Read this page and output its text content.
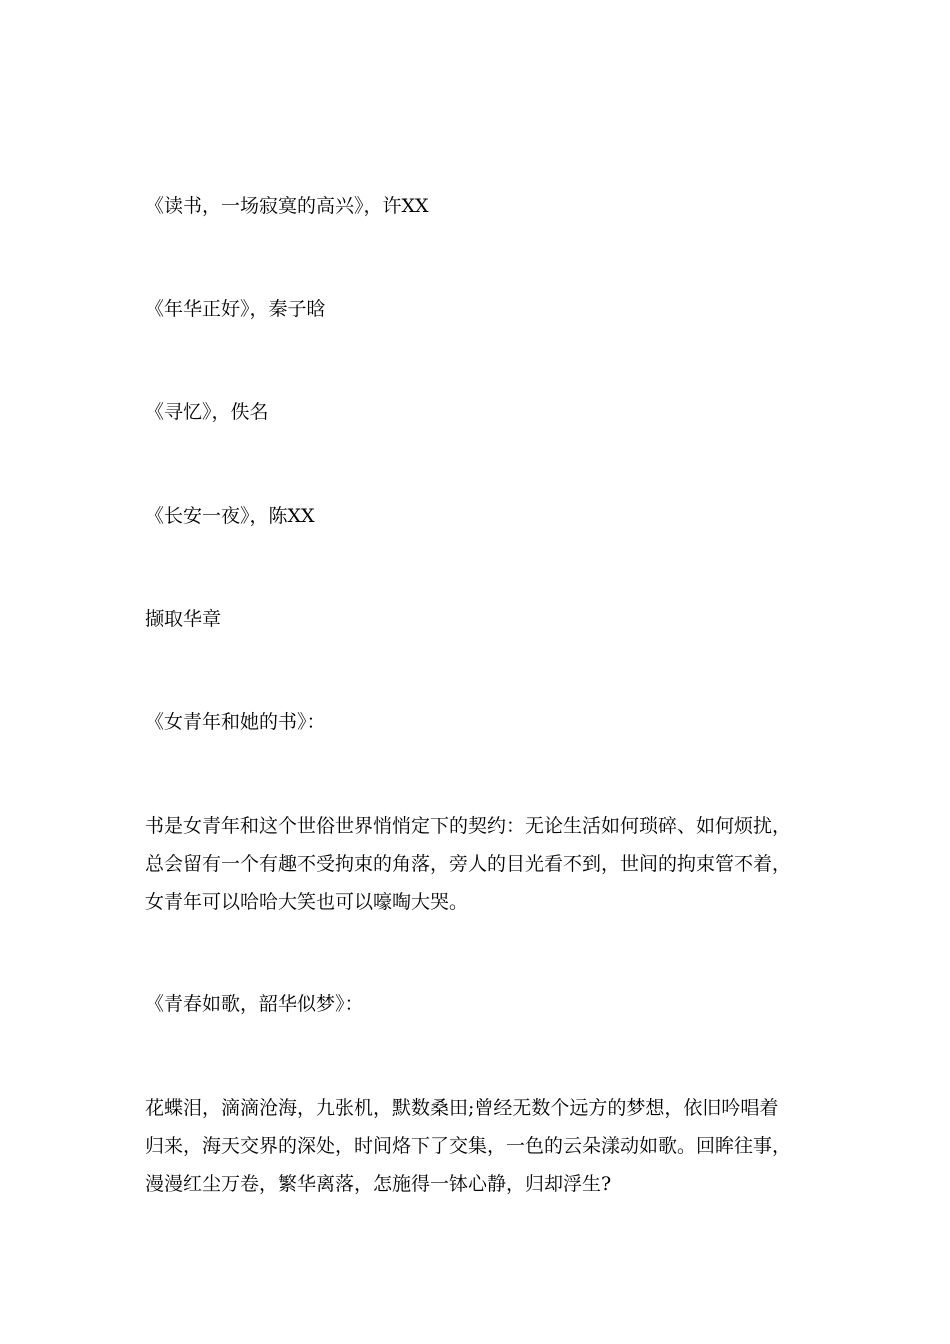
《读书，一场寂寞的高兴》，许XX
《年华正好》，秦子晗
《寻忆》，佚名
《长安一夜》，陈XX
撷取华章
《女青年和她的书》：

书是女青年和这个世俗世界悄悄定下的契约：无论生活如何琐碎、如何烦扰，

总会留有一个有趣不受拘束的角落，旁人的目光看不到，世间的拘束管不着，

女青年可以哈哈大笑也可以嚎啕大哭。

《青春如歌，韶华似梦》：

花蝶泪，滴滴沧海，九张机，默数桑田;曾经无数个远方的梦想，依旧吟唱着

归来，海天交界的深处，时间烙下了交集，一色的云朵漾动如歌。回眸往事，

漫漫红尘万卷，繁华离落，怎施得一钵心静，归却浮生?
